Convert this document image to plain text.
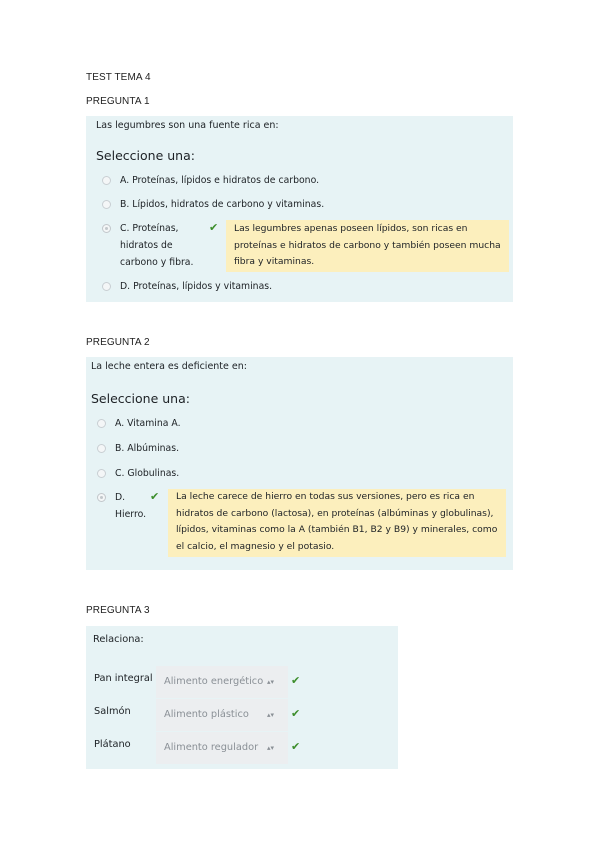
TEST TEMA 4
PREGUNTA 1
Las legumbres son una fuente rica en:
Seleccione una:
A. Proteínas, lípidos e hidratos de carbono.
B. Lípidos, hidratos de carbono y vitaminas.
C. Proteínas,
hidratos de
carbono y fibra.
✔ Las legumbres apenas poseen lípidos, son ricas en
proteínas e hidratos de carbono y también poseen mucha
fibra y vitaminas.
D. Proteínas, lípidos y vitaminas.
PREGUNTA 2
La leche entera es deficiente en:
Seleccione una:
A. Vitamina A.
B. Albúminas.
C. Globulinas.
D.
Hierro.
✔ La leche carece de hierro en todas sus versiones, pero es rica en
hidratos de carbono (lactosa), en proteínas (albúminas y globulinas),
lípidos, vitaminas como la A (también B1, B2 y B9) y minerales, como
el calcio, el magnesio y el potasio.
PREGUNTA 3
Relaciona:
Pan integral	Alimento energético ▴▾ ✔
Salmón	Alimento plástico	▴▾ ✔
Plátano	Alimento regulador ▴▾ ✔
